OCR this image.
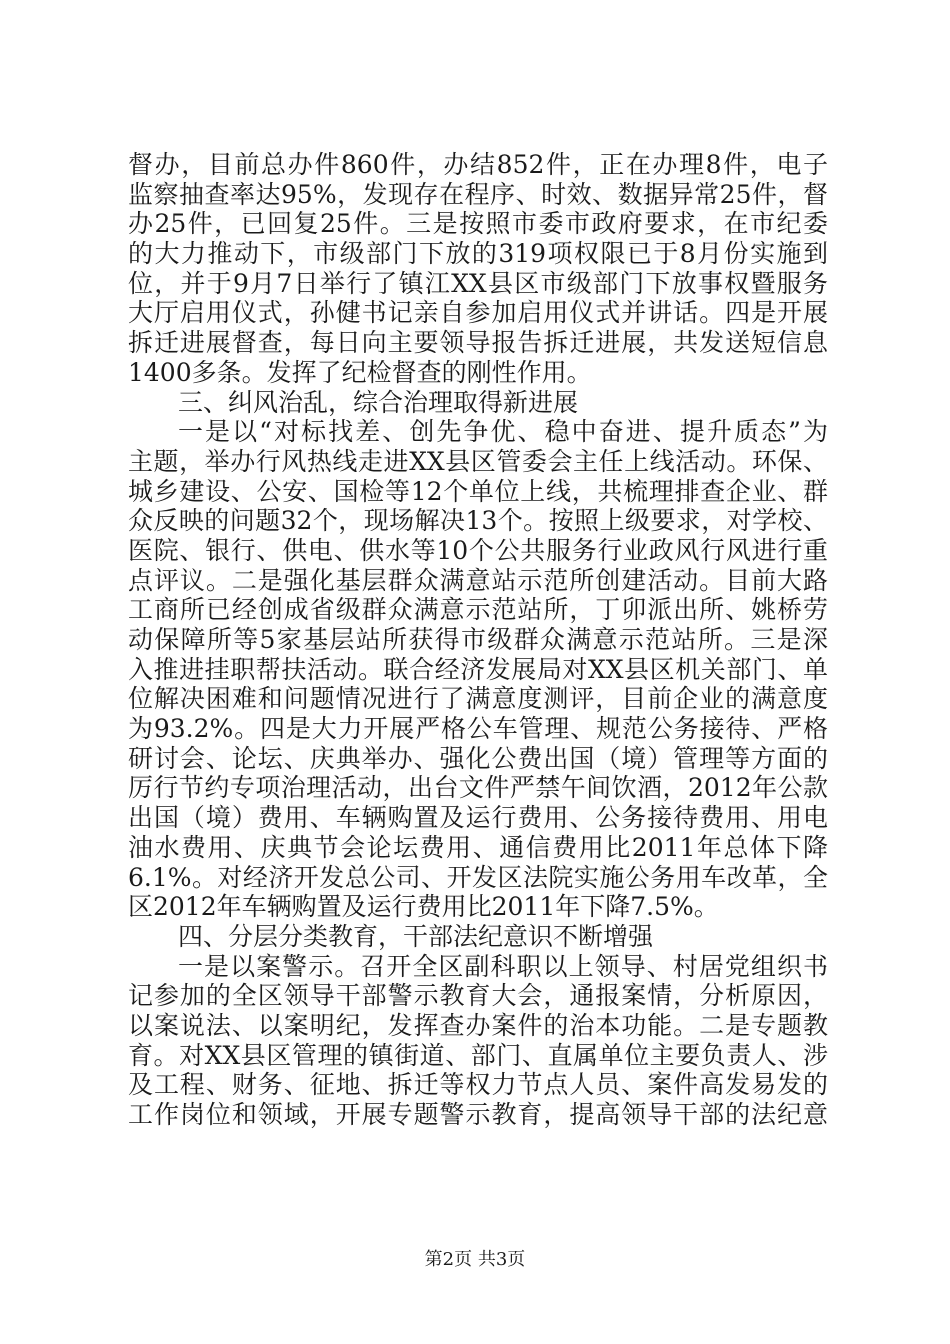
督办，目前总办件860件，办结852件，正在办理8件，电子
监察抽查率达95%，发现存在程序、时效、数据异常25件，督
办25件，已回复25件。三是按照市委市政府要求，在市纪委
的大力推动下，市级部门下放的319项权限已于8月份实施到
位，并于9月7日举行了镇江XX县区市级部门下放事权暨服务
大厅启用仪式，孙健书记亲自参加启用仪式并讲话。四是开展
拆迁进展督查，每日向主要领导报告拆迁进展，共发送短信息
1400多条。发挥了纪检督查的刚性作用。
三、纠风治乱，综合治理取得新进展
一是以“对标找差、创先争优、稳中奋进、提升质态”为
主题，举办行风热线走进XX县区管委会主任上线活动。环保、
城乡建设、公安、国检等12个单位上线，共梳理排查企业、群
众反映的问题32个，现场解决13个。按照上级要求，对学校、
医院、银行、供电、供水等10个公共服务行业政风行风进行重
点评议。二是强化基层群众满意站示范所创建活动。目前大路
工商所已经创成省级群众满意示范站所，丁卯派出所、姚桥劳
动保障所等5家基层站所获得市级群众满意示范站所。三是深
入推进挂职帮扶活动。联合经济发展局对XX县区机关部门、单
位解决困难和问题情况进行了满意度测评，目前企业的满意度
为93.2%。四是大力开展严格公车管理、规范公务接待、严格
研讨会、论坛、庆典举办、强化公费出国（境）管理等方面的
厉行节约专项治理活动，出台文件严禁午间饮酒，2012年公款
出国（境）费用、车辆购置及运行费用、公务接待费用、用电
油水费用、庆典节会论坛费用、通信费用比2011年总体下降
6.1%。对经济开发总公司、开发区法院实施公务用车改革，全
区2012年车辆购置及运行费用比2011年下降7.5%。
四、分层分类教育，干部法纪意识不断增强
一是以案警示。召开全区副科职以上领导、村居党组织书
记参加的全区领导干部警示教育大会，通报案情，分析原因，
以案说法、以案明纪，发挥查办案件的治本功能。二是专题教
育。对XX县区管理的镇街道、部门、直属单位主要负责人、涉
及工程、财务、征地、拆迁等权力节点人员、案件高发易发的
工作岗位和领域，开展专题警示教育，提高领导干部的法纪意
第2页 共3页
